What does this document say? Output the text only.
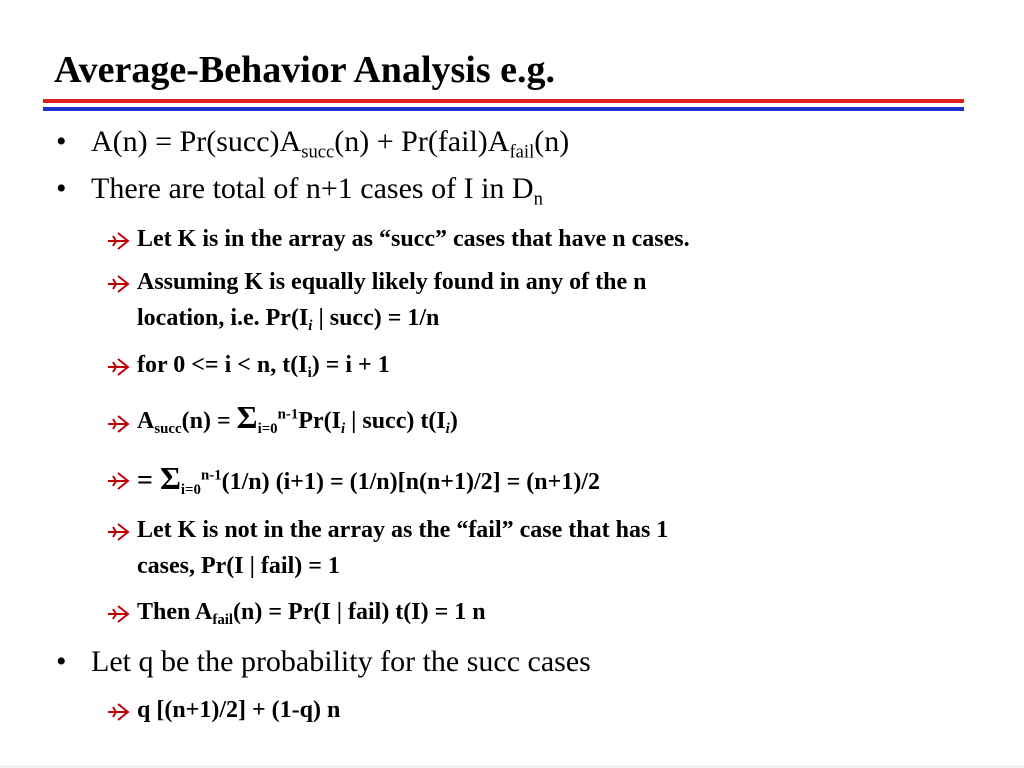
Average-Behavior Analysis e.g.
• $A(n) = Pr(succ)A_{succ}(n)$ + $Pr(fail)A_{fail}(n)$
• There are total of n+1 cases of I in $D_n$
Let K is in the array as “succ” cases that have n cases.
Assuming K is equally likely found in any of the n
location, i.e. $Pr(I_i$ | succ) = 1/n
for 0 <= i < n, $t(I_i) = i + 1$
$A_{succ}(n) = \Sigma_{i=0}^{n-1}Pr(I_i$ | succ) $t(I_i)$
= $\Sigma_{i=0}^{n-1}(1/n) (i+1) = (1/n)[n(n+1)/2] = (n+1)/2$
Let K is not in the array as the “fail” case that has 1
cases, Pr(I | fail) = 1
Then $A_{fail}(n) = Pr(I$ | fail) t(I) = 1 n
• Let q be the probability for the succ cases
q [(n+1)/2] + (1-q) n
